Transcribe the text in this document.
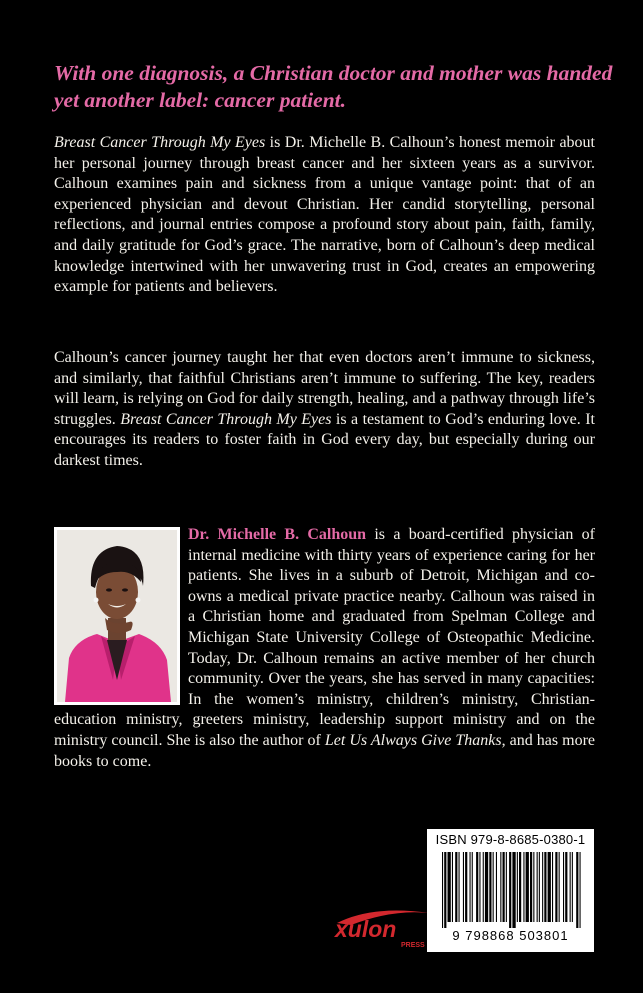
With one diagnosis, a Christian doctor and mother was handed yet another label: cancer patient.

Breast Cancer Through My Eyes is Dr. Michelle B. Calhoun’s honest memoir about her personal journey through breast cancer and her sixteen years as a survivor. Calhoun examines pain and sickness from a unique vantage point: that of an experienced physician and devout Christian. Her candid storytelling, personal reflections, and journal entries compose a profound story about pain, faith, family, and daily gratitude for God’s grace. The narrative, born of Calhoun’s deep medical knowledge intertwined with her unwavering trust in God, creates an empowering example for patients and believers.

Calhoun’s cancer journey taught her that even doctors aren’t immune to sickness, and similarly, that faithful Christians aren’t immune to suffering. The key, readers will learn, is relying on God for daily strength, healing, and a pathway through life’s struggles. Breast Cancer Through My Eyes is a testament to God’s enduring love. It encourages its readers to foster faith in God every day, but especially during our darkest times.

Dr. Michelle B. Calhoun is a board-certified physician of internal medicine with thirty years of experience caring for her patients. She lives in a suburb of Detroit, Michigan and co-owns a medical private practice nearby. Calhoun was raised in a Christian home and graduated from Spelman College and Michigan State University College of Osteopathic Medicine. Today, Dr. Calhoun remains an active member of her church community. Over the years, she has served in many capacities: In the women’s ministry, children’s ministry, Christian-education ministry, greeters ministry, leadership support ministry and on the ministry council. She is also the author of Let Us Always Give Thanks, and has more books to come.

xulon
PRESS
ISBN 979-8-8685-0380-1
9 798868 503801
